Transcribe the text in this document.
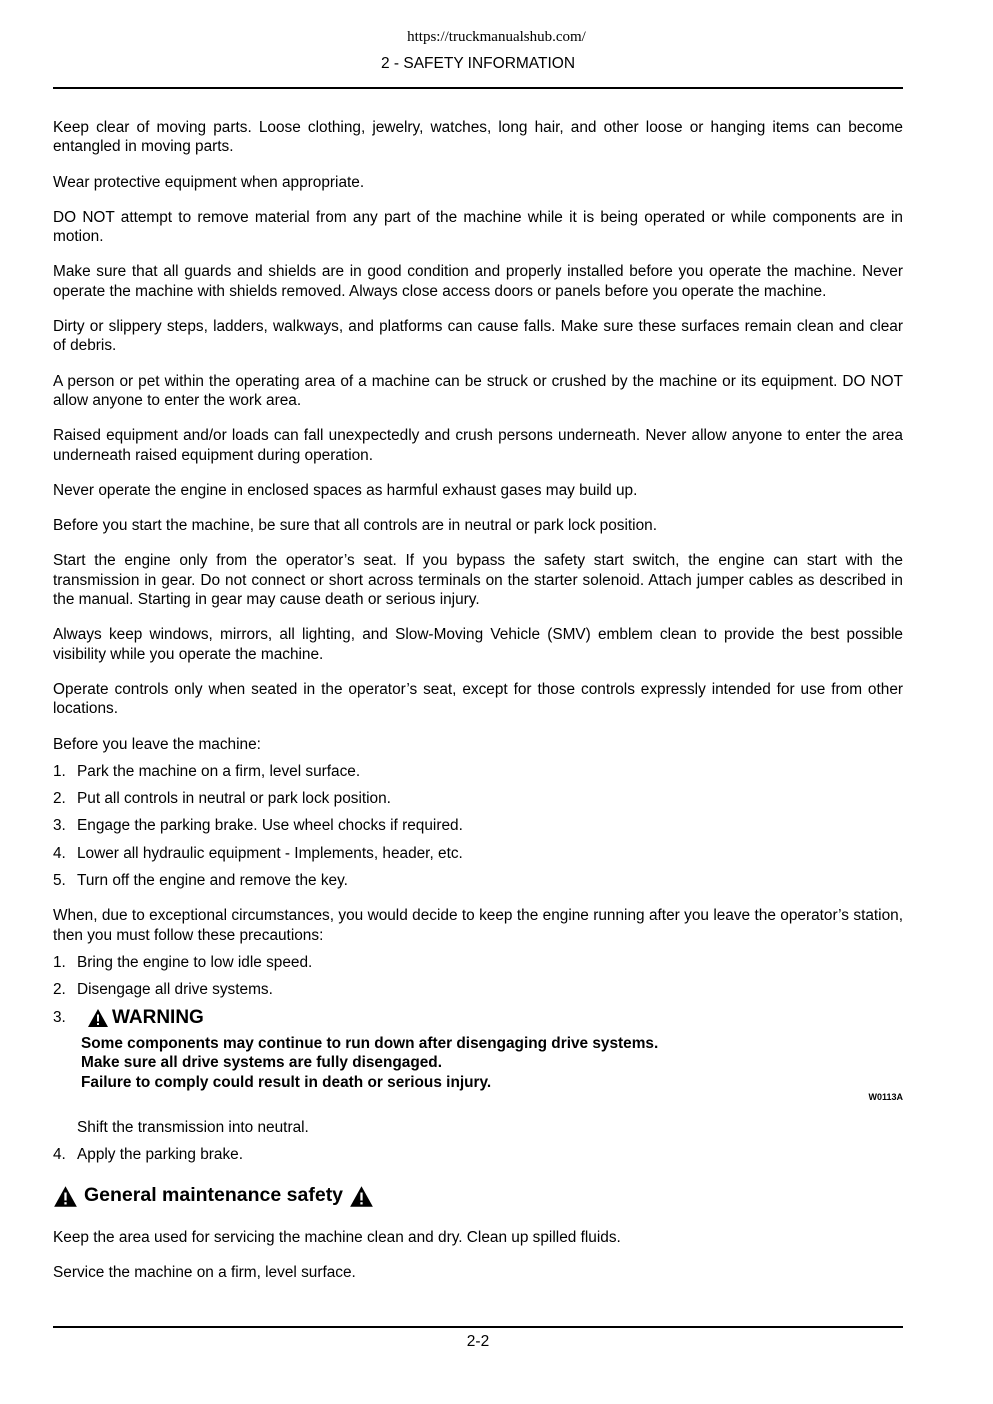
https://truckmanualshub.com/
2 - SAFETY INFORMATION

Keep clear of moving parts. Loose clothing, jewelry, watches, long hair, and other loose or hanging items can become entangled in moving parts.

Wear protective equipment when appropriate.

DO NOT attempt to remove material from any part of the machine while it is being operated or while components are in motion.

Make sure that all guards and shields are in good condition and properly installed before you operate the machine. Never operate the machine with shields removed. Always close access doors or panels before you operate the machine.

Dirty or slippery steps, ladders, walkways, and platforms can cause falls. Make sure these surfaces remain clean and clear of debris.

A person or pet within the operating area of a machine can be struck or crushed by the machine or its equipment. DO NOT allow anyone to enter the work area.

Raised equipment and/or loads can fall unexpectedly and crush persons underneath. Never allow anyone to enter the area underneath raised equipment during operation.

Never operate the engine in enclosed spaces as harmful exhaust gases may build up.

Before you start the machine, be sure that all controls are in neutral or park lock position.

Start the engine only from the operator’s seat. If you bypass the safety start switch, the engine can start with the transmission in gear. Do not connect or short across terminals on the starter solenoid. Attach jumper cables as described in the manual. Starting in gear may cause death or serious injury.

Always keep windows, mirrors, all lighting, and Slow-Moving Vehicle (SMV) emblem clean to provide the best possible visibility while you operate the machine.

Operate controls only when seated in the operator’s seat, except for those controls expressly intended for use from other locations.

Before you leave the machine:

1. Park the machine on a firm, level surface.
2. Put all controls in neutral or park lock position.
3. Engage the parking brake. Use wheel chocks if required.
4. Lower all hydraulic equipment - Implements, header, etc.
5. Turn off the engine and remove the key.

When, due to exceptional circumstances, you would decide to keep the engine running after you leave the operator’s station, then you must follow these precautions:

1. Bring the engine to low idle speed.
2. Disengage all drive systems.
3.	WARNING
Some components may continue to run down after disengaging drive systems.
Make sure all drive systems are fully disengaged.
Failure to comply could result in death or serious injury.
W0113A
Shift the transmission into neutral.
4. Apply the parking brake.
General maintenance safety

Keep the area used for servicing the machine clean and dry. Clean up spilled fluids.

Service the machine on a firm, level surface.

2-2
